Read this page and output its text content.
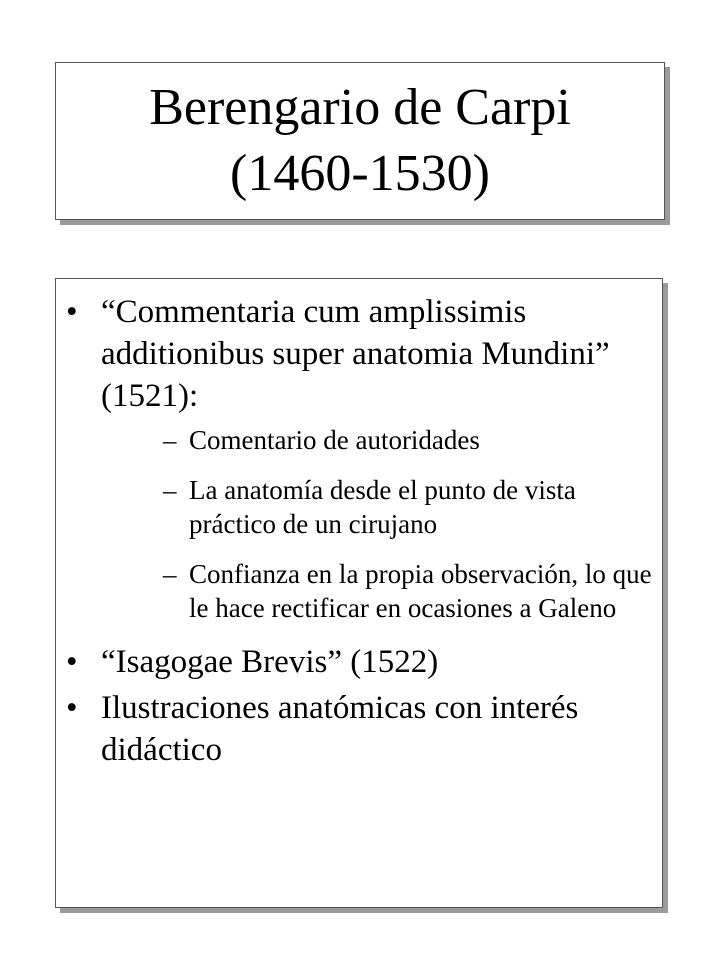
Berengario de Carpi
(1460-1530)
• “Commentaria cum amplissimis additionibus super anatomia Mundini” (1521):
– Comentario de autoridades
– La anatomía desde el punto de vista práctico de un cirujano
– Confianza en la propia observación, lo que le hace rectificar en ocasiones a Galeno
• “Isagogae Brevis” (1522)
• Ilustraciones anatómicas con interés didáctico
